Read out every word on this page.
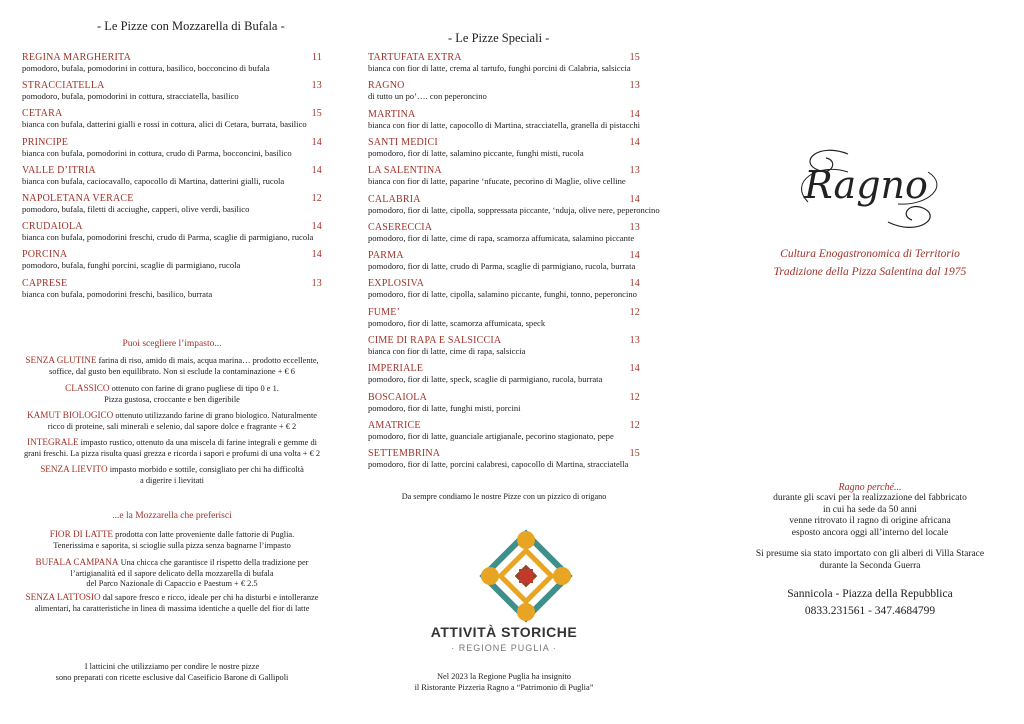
- Le Pizze con Mozzarella di Bufala -
REGINA MARGHERITA	11
pomodoro, bufala, pomodorini in cottura, basilico, bocconcino di bufala
STRACCIATELLA	13
pomodoro, bufala, pomodorini in cottura, stracciatella, basilico
CETARA	15
bianca con bufala, datterini gialli e rossi in cottura, alici di Cetara, burrata, basilico
PRINCIPE	14
bianca con bufala, pomodorini in cottura, crudo di Parma, bocconcini, basilico
VALLE D’ITRIA	14
bianca con bufala, caciocavallo, capocollo di Martina, datterini gialli, rucola
NAPOLETANA VERACE	12
pomodoro, bufala, filetti di acciughe, capperi, olive verdi, basilico
CRUDAIOLA	14
bianca con bufala, pomodorini freschi, crudo di Parma, scaglie di parmigiano, rucola
PORCINA	14
pomodoro, bufala, funghi porcini, scaglie di parmigiano, rucola
CAPRESE	13
bianca con bufala, pomodorini freschi, basilico, burrata
Puoi scegliere l’impasto...
SENZA GLUTINE farina di riso, amido di mais, acqua marina… prodotto eccellente,
soffice, dal gusto ben equilibrato. Non si esclude la contaminazione + € 6
CLASSICO ottenuto con farine di grano pugliese di tipo 0 e 1.
Pizza gustosa, croccante e ben digeribile
KAMUT BIOLOGICO ottenuto utilizzando farine di grano biologico. Naturalmente
ricco di proteine, sali minerali e selenio, dal sapore dolce e fragrante + € 2
INTEGRALE impasto rustico, ottenuto da una miscela di farine integrali e gemme di
grani freschi. La pizza risulta quasi grezza e ricorda i sapori e profumi di una volta + € 2
SENZA LIEVITO impasto morbido e sottile, consigliato per chi ha difficoltà
a digerire i lievitati
...e la Mozzarella che preferisci
FIOR DI LATTE prodotta con latte proveniente dalle fattorie di Puglia.
Tenerissima e saporita, si scioglie sulla pizza senza bagnarne l’impasto
BUFALA CAMPANA Una chicca che garantisce il rispetto della tradizione per
l’artigianalità ed il sapore delicato della mozzarella di bufala
del Parco Nazionale di Capaccio e Paestum + € 2.5
SENZA LATTOSIO dal sapore fresco e ricco, ideale per chi ha disturbi e intolleranze
alimentari, ha caratteristiche in linea di massima identiche a quelle del fior di latte
I latticini che utilizziamo per condire le nostre pizze
sono preparati con ricette esclusive dal Caseificio Barone di Gallipoli
- Le Pizze Speciali -
TARTUFATA EXTRA	15
bianca con fior di latte, crema al tartufo, funghi porcini di Calabria, salsiccia
RAGNO	13
di tutto un po’…. con peperoncino
MARTINA	14
bianca con fior di latte, capocollo di Martina, stracciatella, granella di pistacchi
SANTI MEDICI	14
pomodoro, fior di latte, salamino piccante, funghi misti, rucola
LA SALENTINA	13
bianca con fior di latte, paparine ‘nfucate, pecorino di Maglie, olive celline
CALABRIA	14
pomodoro, fior di latte, cipolla, soppressata piccante, ‘nduja, olive nere, peperoncino
CASERECCIA	13
pomodoro, fior di latte, cime di rapa, scamorza affumicata, salamino piccante
PARMA	14
pomodoro, fior di latte, crudo di Parma, scaglie di parmigiano, rucola, burrata
EXPLOSIVA	14
pomodoro, fior di latte, cipolla, salamino piccante, funghi, tonno, peperoncino
FUME’	12
pomodoro, fior di latte, scamorza affumicata, speck
CIME DI RAPA E SALSICCIA	13
bianca con fior di latte, cime di rapa, salsiccia
IMPERIALE	14
pomodoro, fior di latte, speck, scaglie di parmigiano, rucola, burrata
BOSCAIOLA	12
pomodoro, fior di latte, funghi misti, porcini
AMATRICE	12
pomodoro, fior di latte, guanciale artigianale, pecorino stagionato, pepe
SETTEMBRINA	15
pomodoro, fior di latte, porcini calabresi, capocollo di Martina, stracciatella
Da sempre condiamo le nostre Pizze con un pizzico di origano
ATTIVITÀ STORICHE
· REGIONE PUGLIA ·
Nel 2023 la Regione Puglia ha insignito
il Ristorante Pizzeria Ragno a “Patrimonio di Puglia”
Ragno
Cultura Enogastronomica di Territorio
Tradizione della Pizza Salentina dal 1975
Ragno perché...
durante gli scavi per la realizzazione del fabbricato
in cui ha sede da 50 anni
venne ritrovato il ragno di origine africana
esposto ancora oggi all’interno del locale
Si presume sia stato importato con gli alberi di Villa Starace
durante la Seconda Guerra
Sannicola - Piazza della Repubblica
0833.231561 - 347.4684799
